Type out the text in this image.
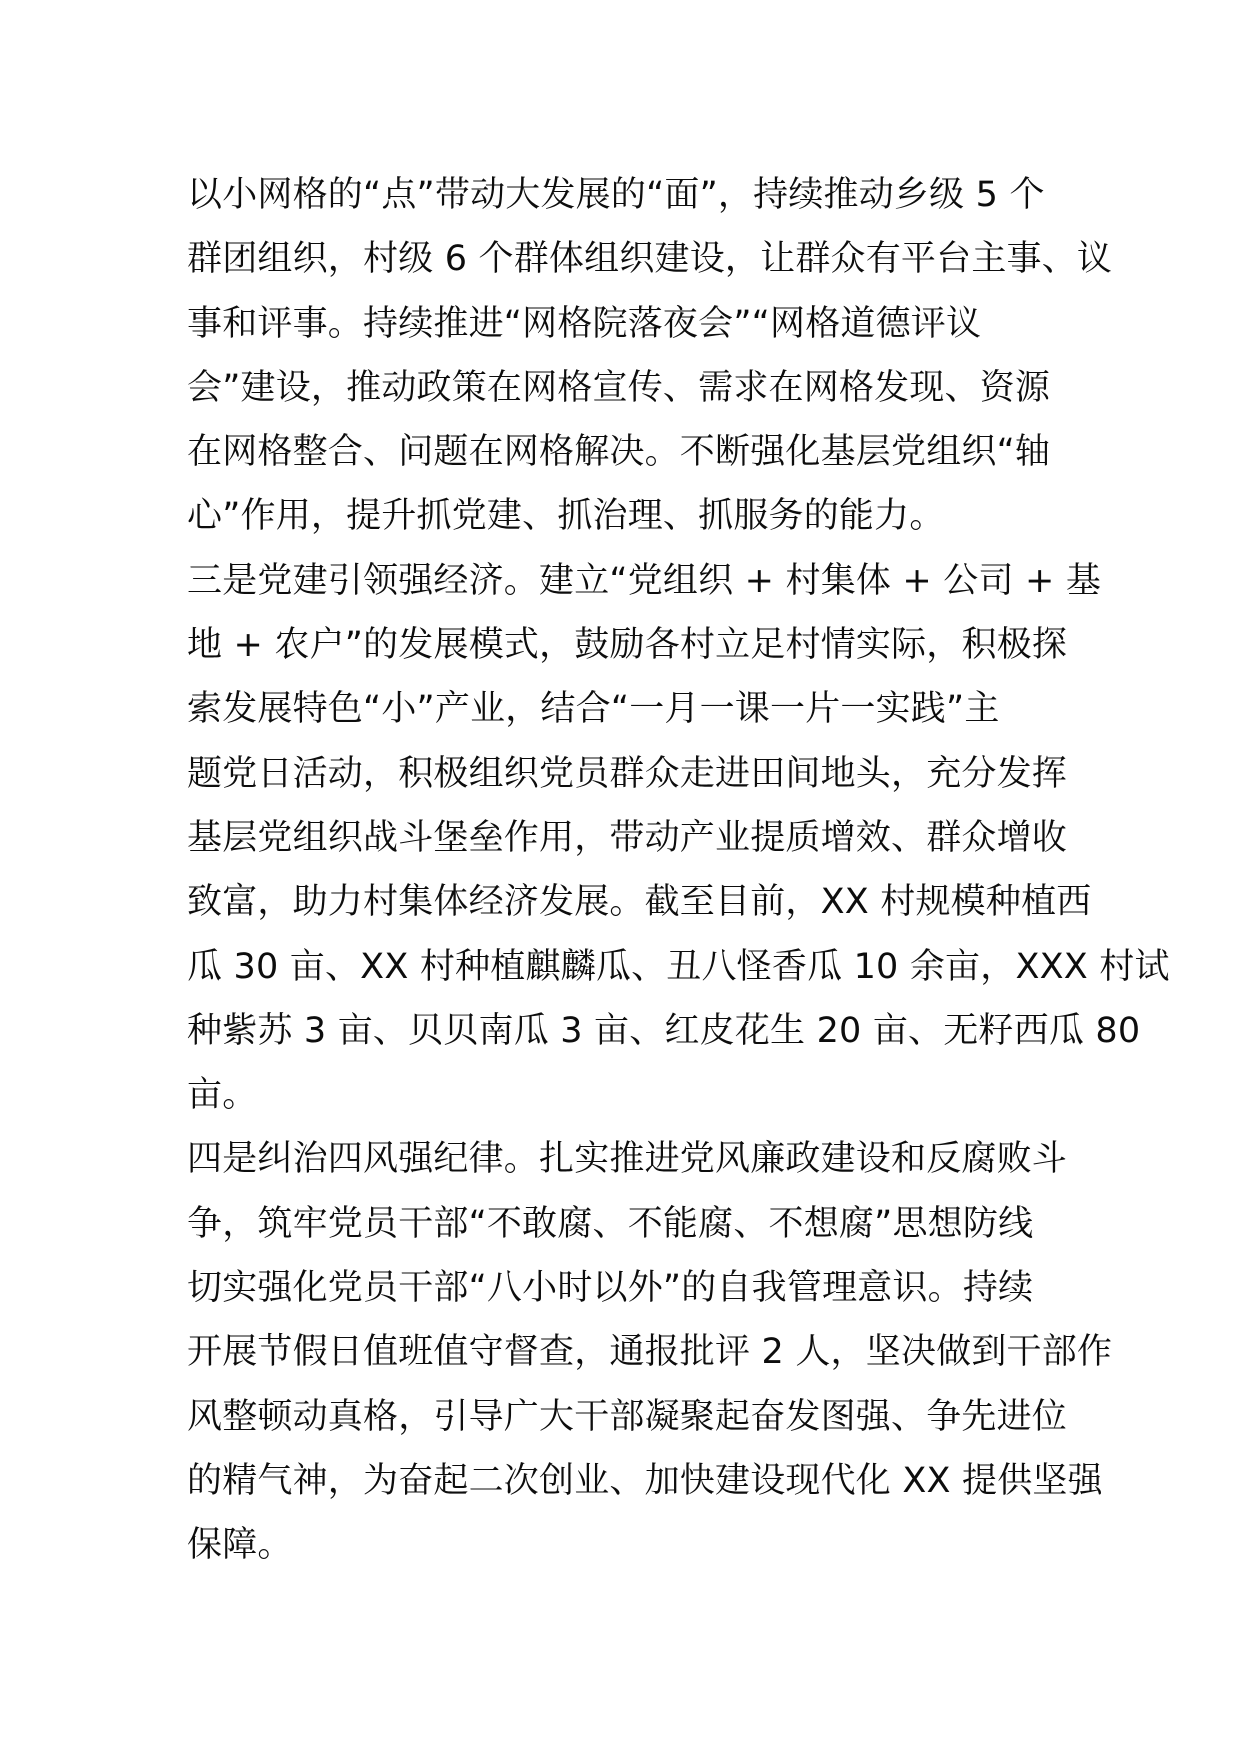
以小网格的“点”带动大发展的“面”，持续推动乡级 5 个
群团组织，村级 6 个群体组织建设，让群众有平台主事、议
事和评事。持续推进“网格院落夜会”“网格道德评议
会”建设，推动政策在网格宣传、需求在网格发现、资源
在网格整合、问题在网格解决。不断强化基层党组织“轴
心”作用，提升抓党建、抓治理、抓服务的能力。
三是党建引领强经济。建立“党组织 + 村集体 + 公司 + 基
地 + 农户”的发展模式，鼓励各村立足村情实际，积极探
索发展特色“小”产业，结合“一月一课一片一实践”主
题党日活动，积极组织党员群众走进田间地头，充分发挥
基层党组织战斗堡垒作用，带动产业提质增效、群众增收
致富，助力村集体经济发展。截至目前，XX 村规模种植西
瓜 30 亩、XX 村种植麒麟瓜、丑八怪香瓜 10 余亩，XXX 村试
种紫苏 3 亩、贝贝南瓜 3 亩、红皮花生 20 亩、无籽西瓜 80
亩。
四是纠治四风强纪律。扎实推进党风廉政建设和反腐败斗
争，筑牢党员干部“不敢腐、不能腐、不想腐”思想防线
切实强化党员干部“八小时以外”的自我管理意识。持续
开展节假日值班值守督查，通报批评 2 人，坚决做到干部作
风整顿动真格，引导广大干部凝聚起奋发图强、争先进位
的精气神，为奋起二次创业、加快建设现代化 XX 提供坚强
保障。
